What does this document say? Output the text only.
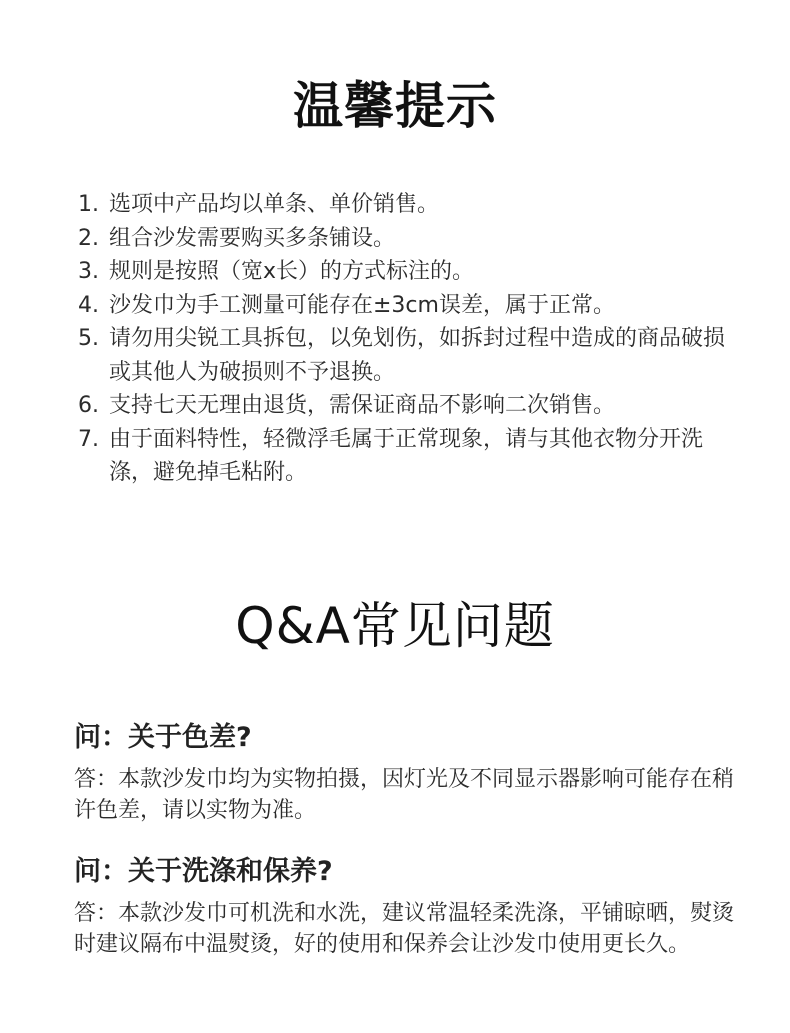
温馨提示
1. 选项中产品均以单条、单价销售。
2. 组合沙发需要购买多条铺设。
3. 规则是按照（宽x长）的方式标注的。
4. 沙发巾为手工测量可能存在±3cm误差，属于正常。
5. 请勿用尖锐工具拆包，以免划伤，如拆封过程中造成的商品破损或其他人为破损则不予退换。
6. 支持七天无理由退货，需保证商品不影响二次销售。
7. 由于面料特性，轻微浮毛属于正常现象，请与其他衣物分开洗涤，避免掉毛粘附。
Q&A常见问题

问：关于色差?

答：本款沙发巾均为实物拍摄，因灯光及不同显示器影响可能存在稍许色差，请以实物为准。

问：关于洗涤和保养?

答：本款沙发巾可机洗和水洗，建议常温轻柔洗涤，平铺晾晒，熨烫时建议隔布中温熨烫，好的使用和保养会让沙发巾使用更长久。
